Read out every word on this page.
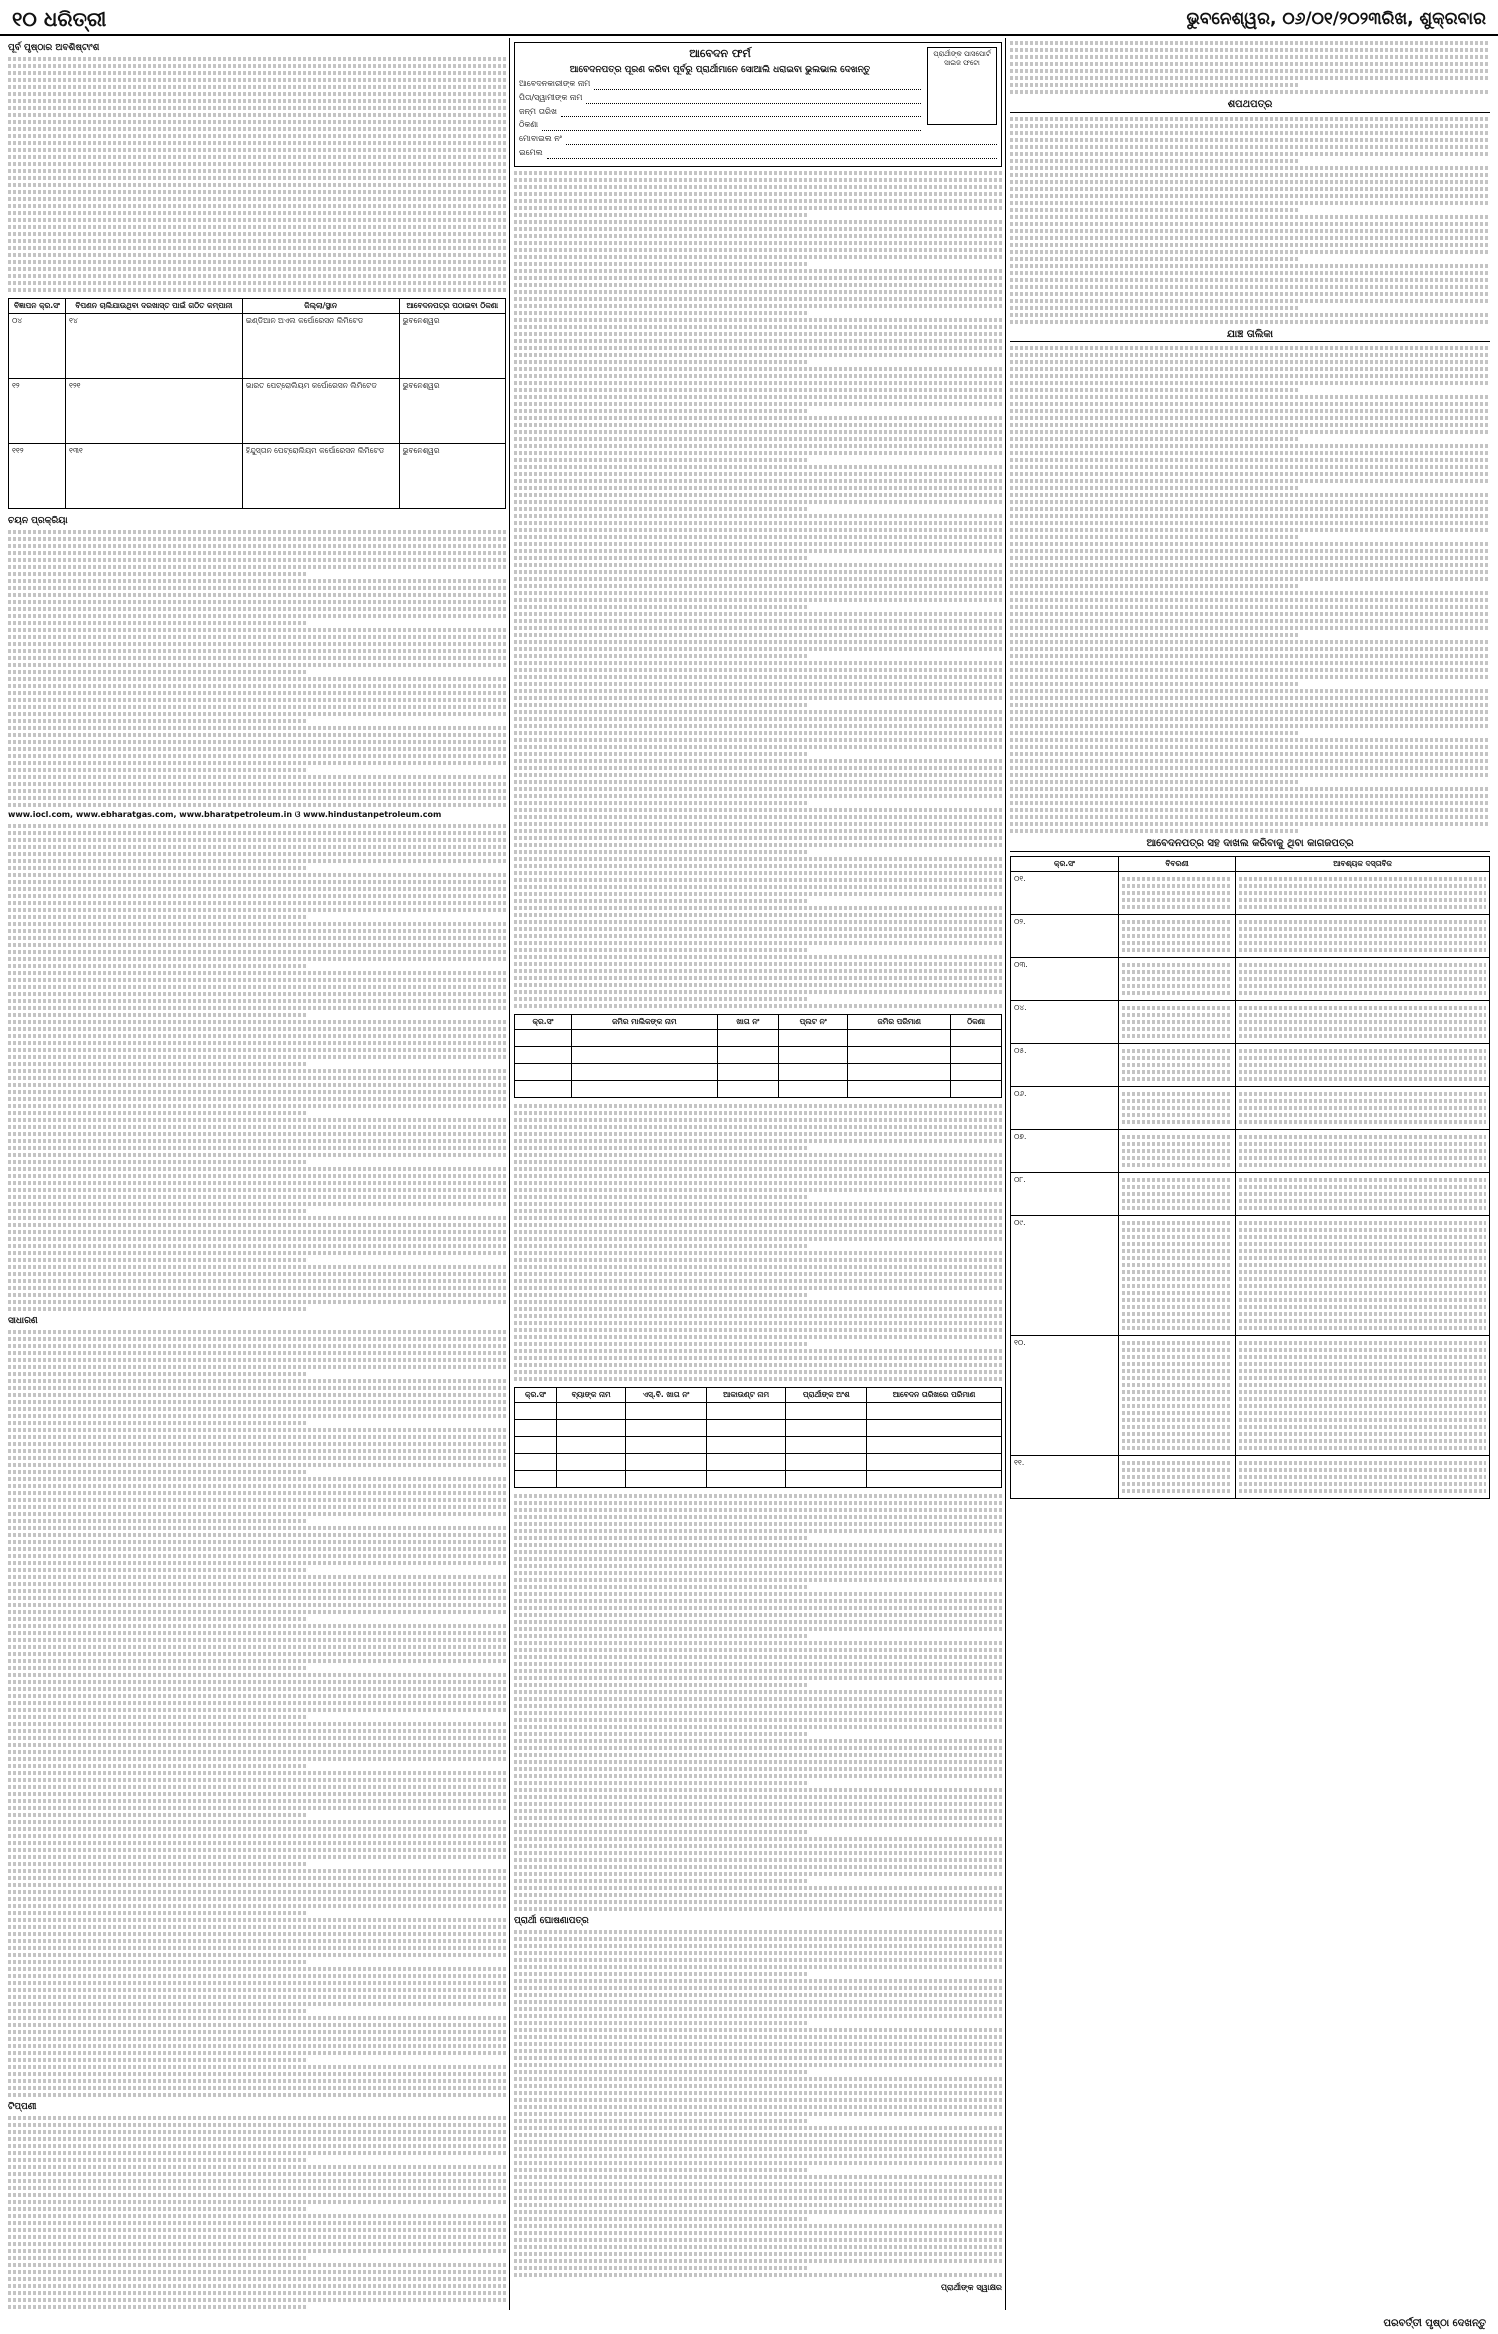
୧୦ ଧରିତ୍ରୀ	ଭୁବନେଶ୍ୱର, ୦୬/୦୧/୨୦୨୩ରିଖ, ଶୁକ୍ରବାର
ପୂର୍ବ ପୃଷ୍ଠାର ଅବଶିଷ୍ଟାଂଶ
ବିଜ୍ଞାପନ କ୍ର.ସଂ	ବିପଣନ ଚାଲିଯାଉଥିବା ଦରଖାସ୍ତ ପାଇଁ ଗଠିତ କମ୍ପାନୀ	ଜିଲ୍ଲା/ସ୍ଥାନ	ଆବେଦନପତ୍ର ପଠାଇବା ଠିକଣା
୦୪	୧୪	ଇଣ୍ଡିଆନ ଅଏଲ କର୍ପୋରେସନ ଲିମିଟେଡ	ଭୁବନେଶ୍ୱର
୧୨	୧୨୧	ଭାରତ ପେଟ୍ରୋଲିୟମ କର୍ପୋରେସନ ଲିମିଟେଡ	ଭୁବନେଶ୍ୱର
୧୧୨	୧୩୧	ହିନ୍ଦୁସ୍ତାନ ପେଟ୍ରୋଲିୟମ କର୍ପୋରେସନ ଲିମିଟେଡ	ଭୁବନେଶ୍ୱର
ଚୟନ ପ୍ରକ୍ରିୟା
www.iocl.com, www.ebharatgas.com, www.bharatpetroleum.in ଓ www.hindustanpetroleum.com
ସାଧାରଣ
ଟିପ୍ପଣୀ
ପ୍ରାର୍ଥୀଙ୍କ ପାସପୋର୍ଟ ସାଇଜ ଫଟୋ
ଆବେଦନ ଫର୍ମ
ଆବେଦନପତ୍ର ପୂରଣ କରିବା ପୂର୍ବରୁ ପ୍ରାର୍ଥୀମାନେ ସୋଆଲି ଧରାଇବା ଭୁଲଭାଲ ଦେଖନ୍ତୁ
ଆବେଦନକାରୀଙ୍କ ନାମ
ପିତା/ସ୍ୱାମୀଙ୍କ ନାମ
ଜନ୍ମ ତାରିଖ
ଠିକଣା
ମୋବାଇଲ ନଂ
ଇମେଲ
କ୍ର.ସଂ	ଜମିର ମାଲିକଙ୍କ ନାମ	ଖାତା ନଂ	ପ୍ଲଟ ନଂ	ଜମିର ପରିମାଣ	ଠିକଣା

କ୍ର.ସଂ	ବ୍ୟାଙ୍କ ନାମ	ଏସ୍.ବି. ଖାତା ନଂ	ଆକାଉଣ୍ଟ ନାମ	ପ୍ରାର୍ଥୀଙ୍କ ଅଂଶ	ଆବେଦନ ତାରିଖରେ ପରିମାଣ

ପ୍ରାର୍ଥୀ ଘୋଷଣାପତ୍ର
ପ୍ରାର୍ଥୀଙ୍କ ସ୍ୱାକ୍ଷର
ଶପଥପତ୍ର
ଯାଞ୍ଚ ତାଲିକା
ଆବେଦନପତ୍ର ସହ ଦାଖଲ କରିବାକୁ ଥିବା କାଗଜପତ୍ର
କ୍ର.ସଂ	ବିବରଣୀ	ଆବଶ୍ୟକ ଦସ୍ତାବିଜ
୦୧.	

୦୨.	

୦୩.	

୦୪.	

୦୫.	

୦୬.	

୦୭.	

୦୮.	

୦୯.	

୧୦.	

୧୧.	

ପରବର୍ତ୍ତୀ ପୃଷ୍ଠା ଦେଖନ୍ତୁ
